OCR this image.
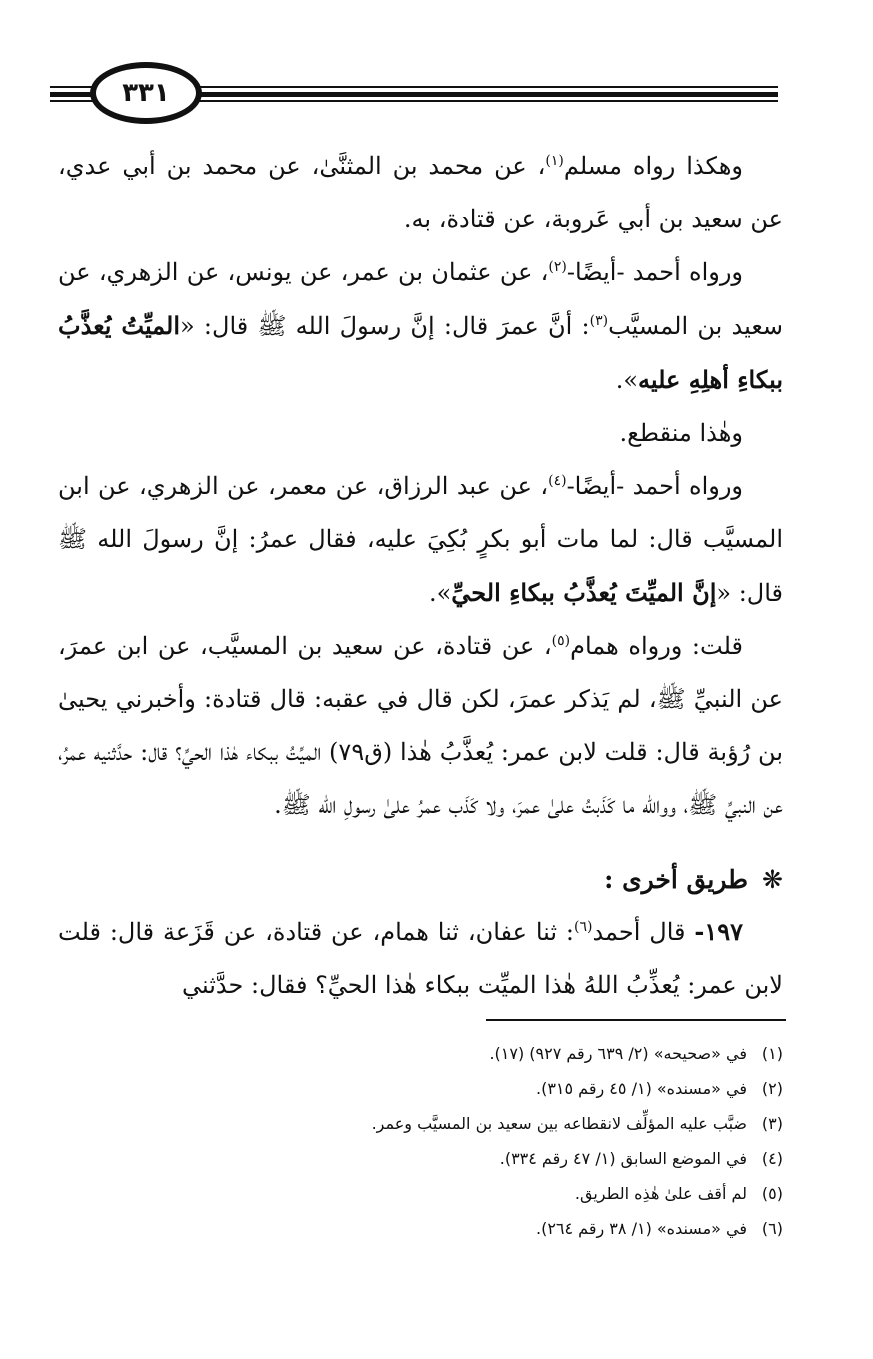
٣٣١

وهكذا رواه مسلم$^{(١)}$، عن محمد بن المثنَّىٰ، عن محمد بن أبي عدي، عن سعيد بن أبي عَروبة، عن قتادة، به.

ورواه أحمد -أيضًا-$^{(٢)}$، عن عثمان بن عمر، عن يونس، عن الزهري، عن سعيد بن المسيَّب$^{(٣)}$: أنَّ عمرَ قال: إنَّ رسولَ الله ﷺ قال: «الميِّتُ يُعذَّبُ ببكاءِ أهلِهِ عليه».

وهٰذا منقطع.

ورواه أحمد -أيضًا-$^{(٤)}$، عن عبد الرزاق، عن معمر، عن الزهري، عن ابن المسيَّب قال: لما مات أبو بكرٍ بُكِيَ عليه، فقال عمرُ: إنَّ رسولَ الله ﷺ قال: «إنَّ الميِّتَ يُعذَّبُ ببكاءِ الحيِّ».

قلت: ورواه همام$^{(٥)}$، عن قتادة، عن سعيد بن المسيَّب، عن ابن عمرَ، عن النبيِّ ﷺ، لم يَذكر عمرَ، لكن قال في عقبه: قال قتادة: وأخبرني يحيىٰ بن رُؤبة قال: قلت لابن عمر: يُعذَّبُ هٰذا (ق٧٩) الميِّتُ ببكاء هٰذا الحيِّ؟ قال: حدَّثنيه عمرُ، عن النبيِّ ﷺ، ووالله ما كَذَبتُ علىٰ عمرَ، ولا كَذَب عمرُ علىٰ رسولِ الله ﷺ.

❋طريق أخرى :

١٩٧- قال أحمد$^{(٦)}$: ثنا عفان، ثنا همام، عن قتادة، عن قَزَعة قال: قلت لابن عمر: يُعذِّبُ اللهُ هٰذا الميِّت ببكاء هٰذا الحيِّ؟ فقال: حدَّثني

(١)في «صحيحه» (٢/ ٦٣٩ رقم ٩٢٧) (١٧).

(٢)في «مسنده» (١/ ٤٥ رقم ٣١٥).

(٣)ضبَّب عليه المؤلِّف لانقطاعه بين سعيد بن المسيَّب وعمر.

(٤)في الموضع السابق (١/ ٤٧ رقم ٣٣٤).

(٥)لم أقف علىٰ هٰذِه الطريق.

(٦)في «مسنده» (١/ ٣٨ رقم ٢٦٤).
